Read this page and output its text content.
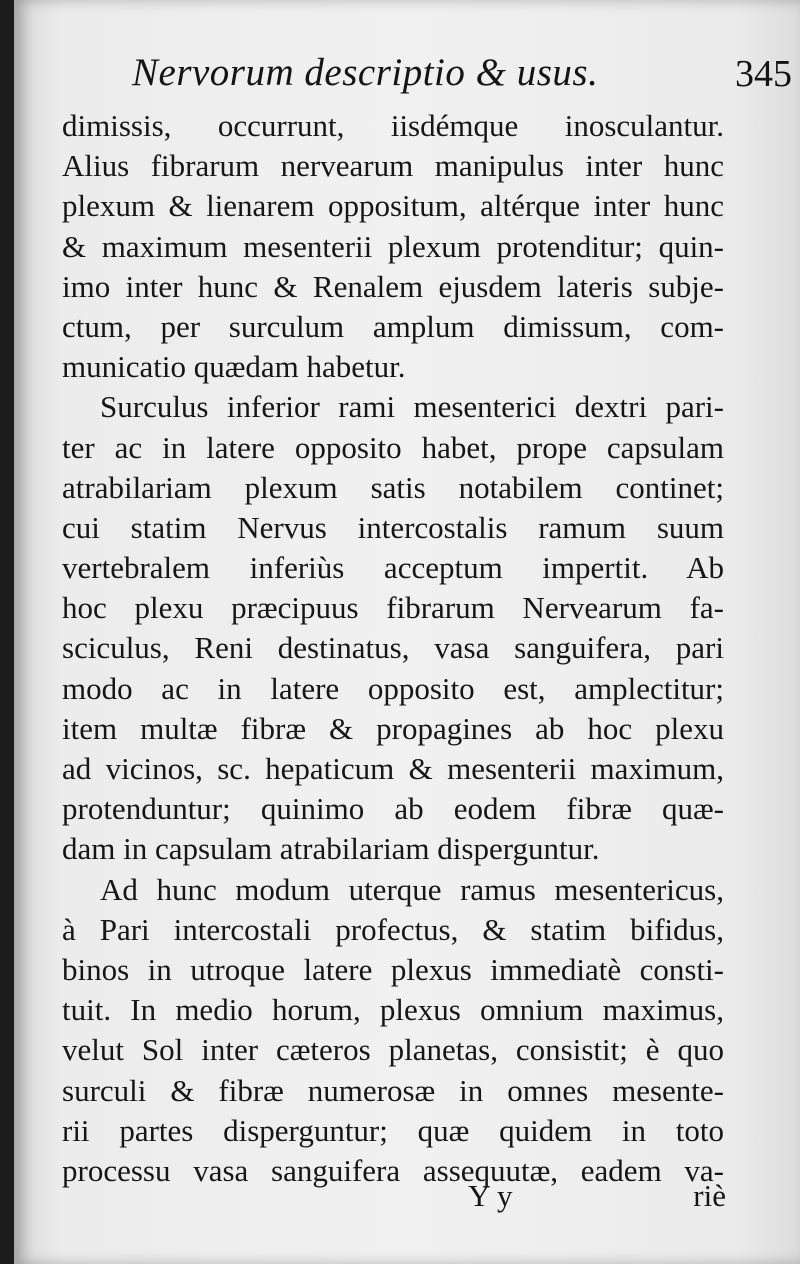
Nervorum descriptio & usus.	345
dimissis, occurrunt, iisdémque inosculantur.
Alius fibrarum nervearum manipulus inter hunc
plexum & lienarem oppositum, altérque inter hunc
& maximum mesenterii plexum protenditur; quin-
imo inter hunc & Renalem ejusdem lateris subje-
ctum, per surculum amplum dimissum, com-
municatio quædam habetur.
Surculus inferior rami mesenterici dextri pari-
ter ac in latere opposito habet, prope capsulam
atrabilariam plexum satis notabilem continet;
cui statim Nervus intercostalis ramum suum
vertebralem inferiùs acceptum impertit. Ab
hoc plexu præcipuus fibrarum Nervearum fa-
sciculus, Reni destinatus, vasa sanguifera, pari
modo ac in latere opposito est, amplectitur;
item multæ fibræ & propagines ab hoc plexu
ad vicinos, sc. hepaticum & mesenterii maximum,
protenduntur; quinimo ab eodem fibræ quæ-
dam in capsulam atrabilariam disperguntur.
Ad hunc modum uterque ramus mesentericus,
à Pari intercostali profectus, & statim bifidus,
binos in utroque latere plexus immediatè consti-
tuit. In medio horum, plexus omnium maximus,
velut Sol inter cæteros planetas, consistit; è quo
surculi & fibræ numerosæ in omnes mesente-
rii partes disperguntur; quæ quidem in toto
processu vasa sanguifera assequutæ, eadem va-
Y y	riè
